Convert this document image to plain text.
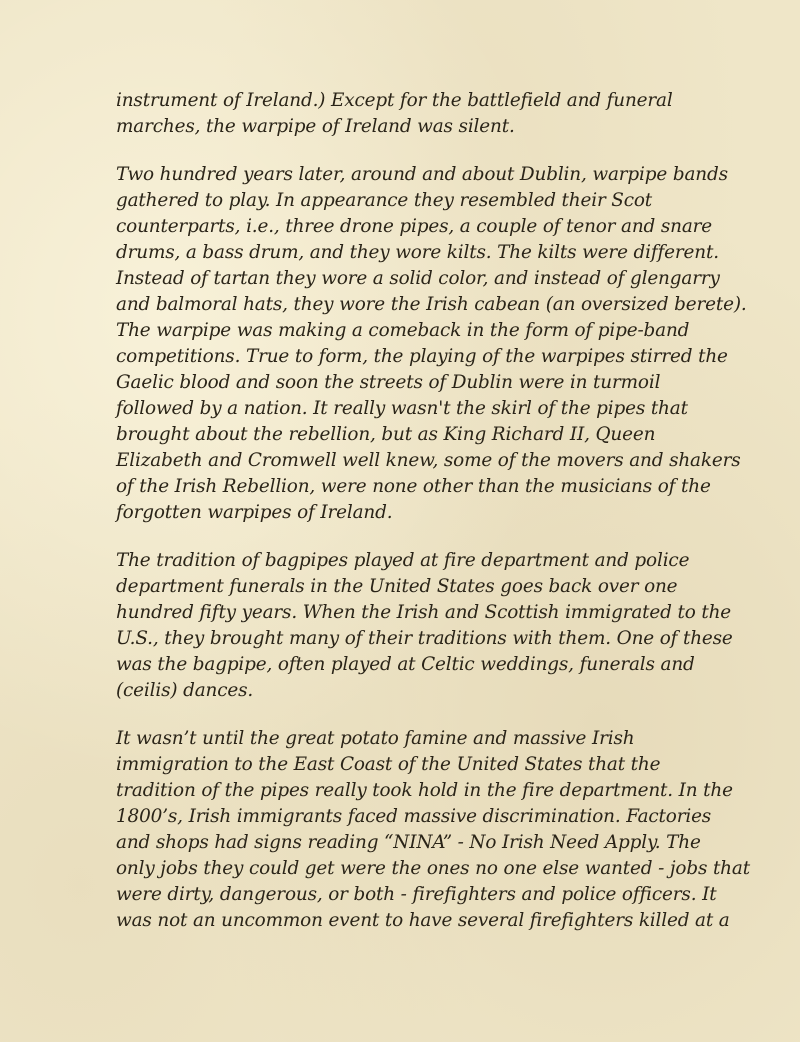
instrument of Ireland.) Except for the battlefield and funeral
marches, the warpipe of Ireland was silent.

Two hundred years later, around and about Dublin, warpipe bands
gathered to play. In appearance they resembled their Scot
counterparts, i.e., three drone pipes, a couple of tenor and snare
drums, a bass drum, and they wore kilts. The kilts were different.
Instead of tartan they wore a solid color, and instead of glengarry
and balmoral hats, they wore the Irish cabean (an oversized berete).
The warpipe was making a comeback in the form of pipe-band
competitions. True to form, the playing of the warpipes stirred the
Gaelic blood and soon the streets of Dublin were in turmoil
followed by a nation. It really wasn't the skirl of the pipes that
brought about the rebellion, but as King Richard II, Queen
Elizabeth and Cromwell well knew, some of the movers and shakers
of the Irish Rebellion, were none other than the musicians of the
forgotten warpipes of Ireland.

The tradition of bagpipes played at fire department and police
department funerals in the United States goes back over one
hundred fifty years. When the Irish and Scottish immigrated to the
U.S., they brought many of their traditions with them. One of these
was the bagpipe, often played at Celtic weddings, funerals and
(ceilis) dances.

It wasn’t until the great potato famine and massive Irish
immigration to the East Coast of the United States that the
tradition of the pipes really took hold in the fire department. In the
1800’s, Irish immigrants faced massive discrimination. Factories
and shops had signs reading “NINA” - No Irish Need Apply. The
only jobs they could get were the ones no one else wanted - jobs that
were dirty, dangerous, or both - firefighters and police officers. It
was not an uncommon event to have several firefighters killed at a
